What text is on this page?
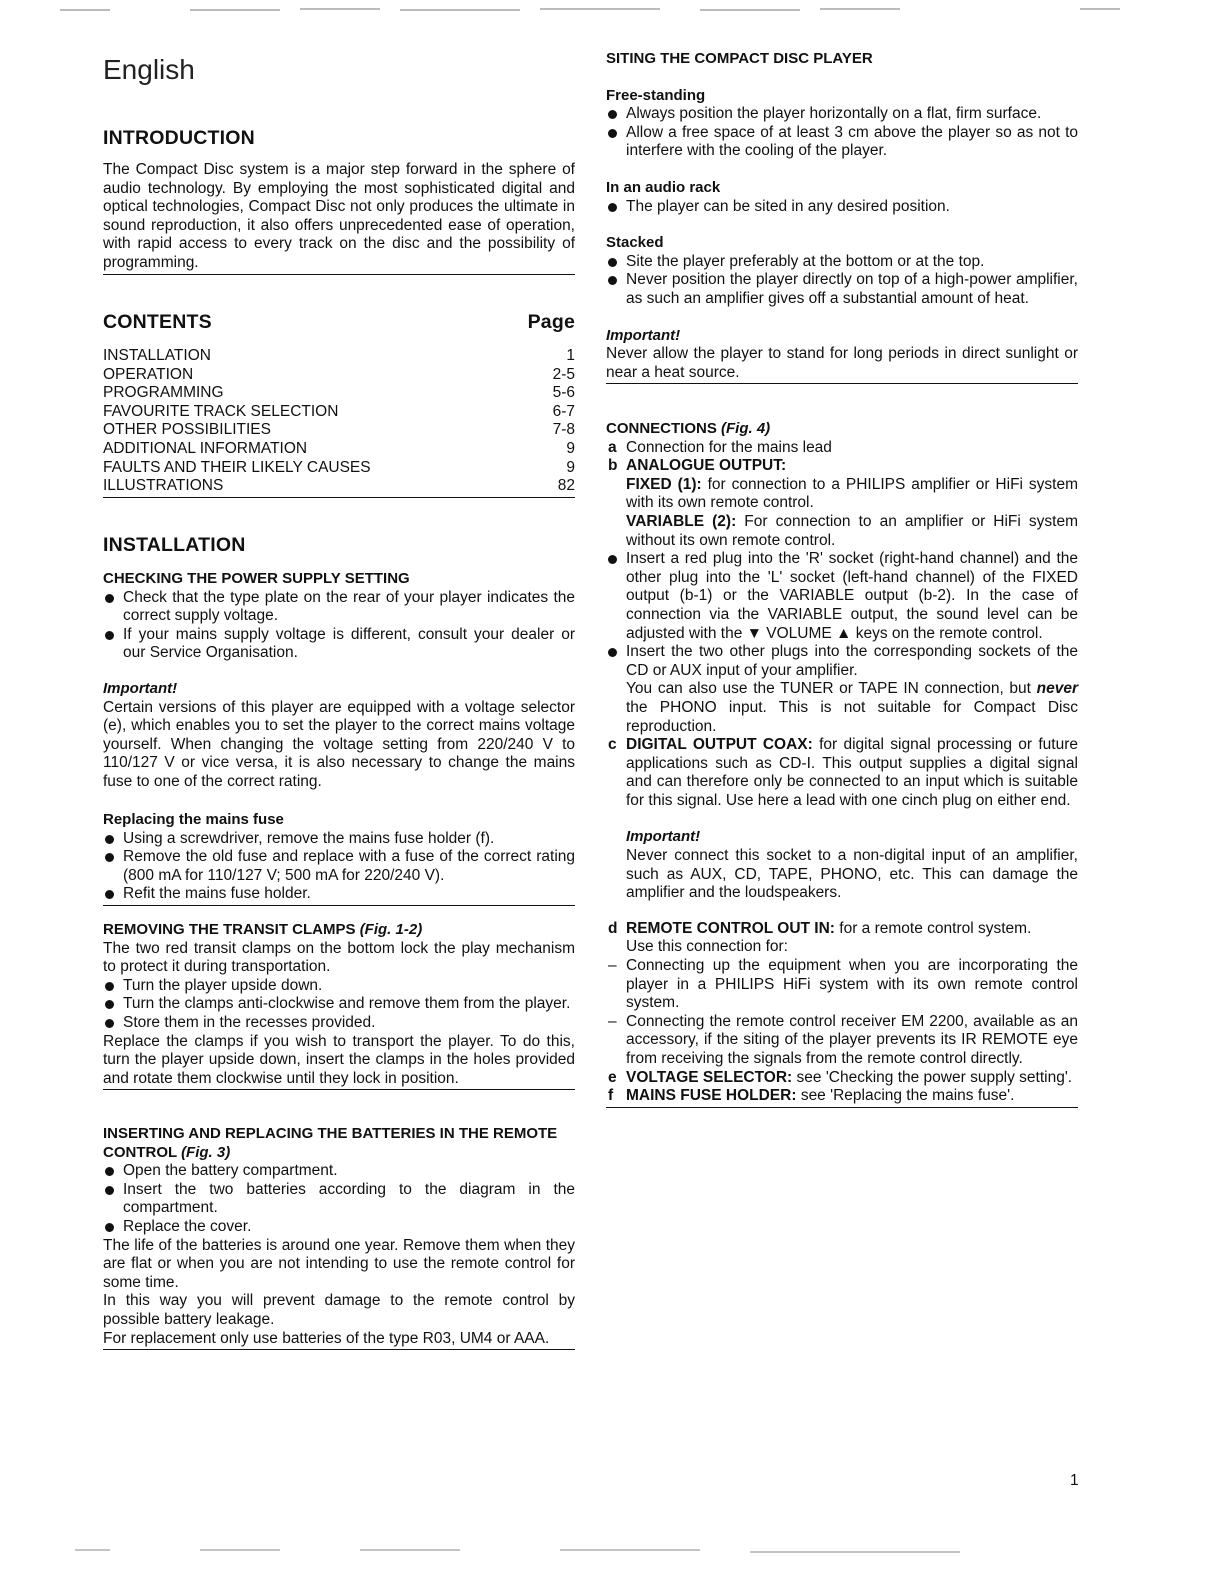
English

INTRODUCTION

The Compact Disc system is a major step forward in the sphere of audio technology. By employing the most sophisticated digital and optical technologies, Compact Disc not only produces the ultimate in sound reproduction, it also offers unprecedented ease of operation, with rapid access to every track on the disc and the possibility of programming.

CONTENTS	Page

INSTALLATION	1
OPERATION	2-5
PROGRAMMING	5-6
FAVOURITE TRACK SELECTION	6-7
OTHER POSSIBILITIES	7-8
ADDITIONAL INFORMATION	9
FAULTS AND THEIR LIKELY CAUSES	9
ILLUSTRATIONS	82

INSTALLATION

CHECKING THE POWER SUPPLY SETTING

Check that the type plate on the rear of your player indicates the correct supply voltage.
If your mains supply voltage is different, consult your dealer or our Service Organisation.

Important!

Certain versions of this player are equipped with a voltage selector (e), which enables you to set the player to the correct mains voltage yourself. When changing the voltage setting from 220/240 V to 110/127 V or vice versa, it is also necessary to change the mains fuse to one of the correct rating.

Replacing the mains fuse

Using a screwdriver, remove the mains fuse holder (f).
Remove the old fuse and replace with a fuse of the correct rating (800 mA for 110/127 V; 500 mA for 220/240 V).
Refit the mains fuse holder.

REMOVING THE TRANSIT CLAMPS (Fig. 1-2)

The two red transit clamps on the bottom lock the play mechanism to protect it during transportation.

Turn the player upside down.
Turn the clamps anti-clockwise and remove them from the player.
Store them in the recesses provided.

Replace the clamps if you wish to transport the player. To do this, turn the player upside down, insert the clamps in the holes provided and rotate them clockwise until they lock in position.

INSERTING AND REPLACING THE BATTERIES IN THE REMOTE CONTROL (Fig. 3)

Open the battery compartment.
Insert the two batteries according to the diagram in the compartment.
Replace the cover.

The life of the batteries is around one year. Remove them when they are flat or when you are not intending to use the remote control for some time.

In this way you will prevent damage to the remote control by possible battery leakage.

For replacement only use batteries of the type R03, UM4 or AAA.

SITING THE COMPACT DISC PLAYER

Free-standing

Always position the player horizontally on a flat, firm surface.
Allow a free space of at least 3 cm above the player so as not to interfere with the cooling of the player.

In an audio rack

The player can be sited in any desired position.

Stacked

Site the player preferably at the bottom or at the top.
Never position the player directly on top of a high-power amplifier, as such an amplifier gives off a substantial amount of heat.

Important!

Never allow the player to stand for long periods in direct sunlight or near a heat source.

CONNECTIONS (Fig. 4)

a Connection for the mains lead
b ANALOGUE OUTPUT:

FIXED (1): for connection to a PHILIPS amplifier or HiFi system with its own remote control.

VARIABLE (2): For connection to an amplifier or HiFi system without its own remote control.

Insert a red plug into the 'R' socket (right-hand channel) and the other plug into the 'L' socket (left-hand channel) of the FIXED output (b-1) or the VARIABLE output (b-2). In the case of connection via the VARIABLE output, the sound level can be adjusted with the ▼ VOLUME ▲ keys on the remote control.
Insert the two other plugs into the corresponding sockets of the CD or AUX input of your amplifier.
You can also use the TUNER or TAPE IN connection, but never the PHONO input. This is not suitable for Compact Disc reproduction.
c DIGITAL OUTPUT COAX: for digital signal processing or future applications such as CD-I. This output supplies a digital signal and can therefore only be connected to an input which is suitable for this signal. Use here a lead with one cinch plug on either end.

Important!

Never connect this socket to a non-digital input of an amplifier, such as AUX, CD, TAPE, PHONO, etc. This can damage the amplifier and the loudspeakers.

d REMOTE CONTROL OUT IN: for a remote control system.

Use this connection for:

– Connecting up the equipment when you are incorporating the player in a PHILIPS HiFi system with its own remote control system.
– Connecting the remote control receiver EM 2200, available as an accessory, if the siting of the player prevents its IR REMOTE eye from receiving the signals from the remote control directly.
e VOLTAGE SELECTOR: see 'Checking the power supply setting'.
f MAINS FUSE HOLDER: see 'Replacing the mains fuse'.
1
